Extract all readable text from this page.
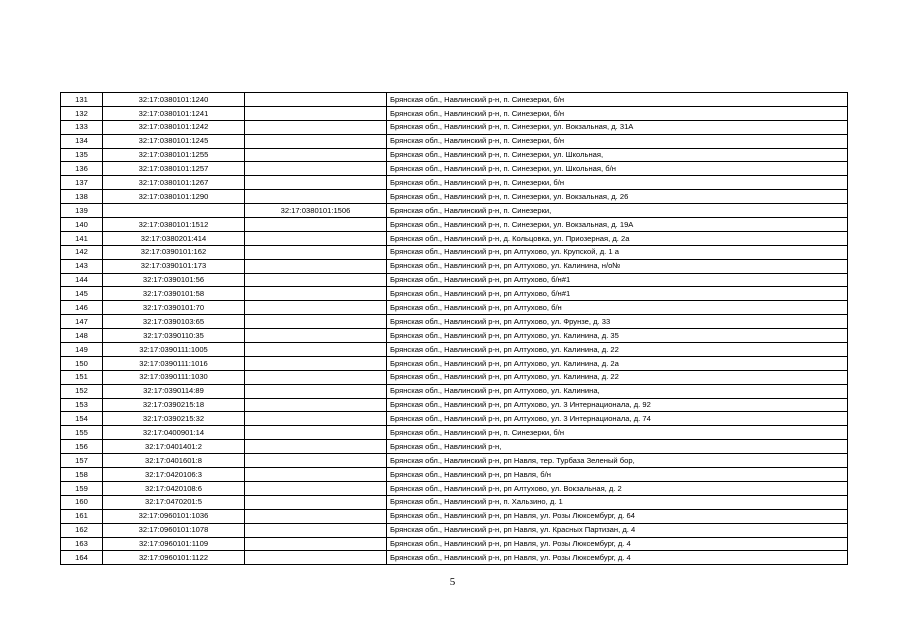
131	32:17:0380101:1240		Брянская обл., Навлинский р-н, п. Синезерки, б/н
132	32:17:0380101:1241		Брянская обл., Навлинский р-н, п. Синезерки, б/н
133	32:17:0380101:1242		Брянская обл., Навлинский р-н, п. Синезерки, ул. Вокзальная, д. 31А
134	32:17:0380101:1245		Брянская обл., Навлинский р-н, п. Синезерки, б/н
135	32:17:0380101:1255		Брянская обл., Навлинский р-н, п. Синезерки, ул. Школьная,
136	32:17:0380101:1257		Брянская обл., Навлинский р-н, п. Синезерки, ул. Школьная, б/н
137	32:17:0380101:1267		Брянская обл., Навлинский р-н, п. Синезерки, б/н
138	32:17:0380101:1290		Брянская обл., Навлинский р-н, п. Синезерки, ул. Вокзальная, д. 26
139		32:17:0380101:1506	Брянская обл., Навлинский р-н, п. Синезерки,
140	32:17:0380101:1512		Брянская обл., Навлинский р-н, п. Синезерки, ул. Вокзальная, д. 19А
141	32:17:0380201:414		Брянская обл., Навлинский р-н, д. Кольцовка, ул. Приозерная, д. 2а
142	32:17:0390101:162		Брянская обл., Навлинский р-н, рп Алтухово, ул. Крупской, д. 1 а
143	32:17:0390101:173		Брянская обл., Навлинский р-н, рп Алтухово, ул. Калинина, н/о№
144	32:17:0390101:56		Брянская обл., Навлинский р-н, рп Алтухово, б/н#1
145	32:17:0390101:58		Брянская обл., Навлинский р-н, рп Алтухово, б/н#1
146	32:17:0390101:70		Брянская обл., Навлинский р-н, рп Алтухово, б/н
147	32:17:0390103:65		Брянская обл., Навлинский р-н, рп Алтухово, ул. Фрунзе, д. 33
148	32:17:0390110:35		Брянская обл., Навлинский р-н, рп Алтухово, ул. Калинина, д. 35
149	32:17:0390111:1005		Брянская обл., Навлинский р-н, рп Алтухово, ул. Калинина, д. 22
150	32:17:0390111:1016		Брянская обл., Навлинский р-н, рп Алтухово, ул. Калинина, д. 2а
151	32:17:0390111:1030		Брянская обл., Навлинский р-н, рп Алтухово, ул. Калинина, д. 22
152	32:17:0390114:89		Брянская обл., Навлинский р-н, рп Алтухово, ул. Калинина,
153	32:17:0390215:18		Брянская обл., Навлинский р-н, рп Алтухово, ул. 3 Интернационала, д. 92
154	32:17:0390215:32		Брянская обл., Навлинский р-н, рп Алтухово, ул. 3 Интернационала, д. 74
155	32:17:0400901:14		Брянская обл., Навлинский р-н, п. Синезерки, б/н
156	32:17:0401401:2		Брянская обл., Навлинский р-н,
157	32:17:0401601:8		Брянская обл., Навлинский р-н, рп Навля, тер. Турбаза Зеленый бор,
158	32:17:0420106:3		Брянская обл., Навлинский р-н, рп Навля, б/н
159	32:17:0420108:6		Брянская обл., Навлинский р-н, рп Алтухово, ул. Вокзальная, д. 2
160	32:17:0470201:5		Брянская обл., Навлинский р-н, п. Хальзино, д. 1
161	32:17:0960101:1036		Брянская обл., Навлинский р-н, рп Навля, ул. Розы Люксембург, д. 64
162	32:17:0960101:1078		Брянская обл., Навлинский р-н, рп Навля, ул. Красных Партизан, д. 4
163	32:17:0960101:1109		Брянская обл., Навлинский р-н, рп Навля, ул. Розы Люксембург, д. 4
164	32:17:0960101:1122		Брянская обл., Навлинский р-н, рп Навля, ул. Розы Люксембург, д. 4
5
